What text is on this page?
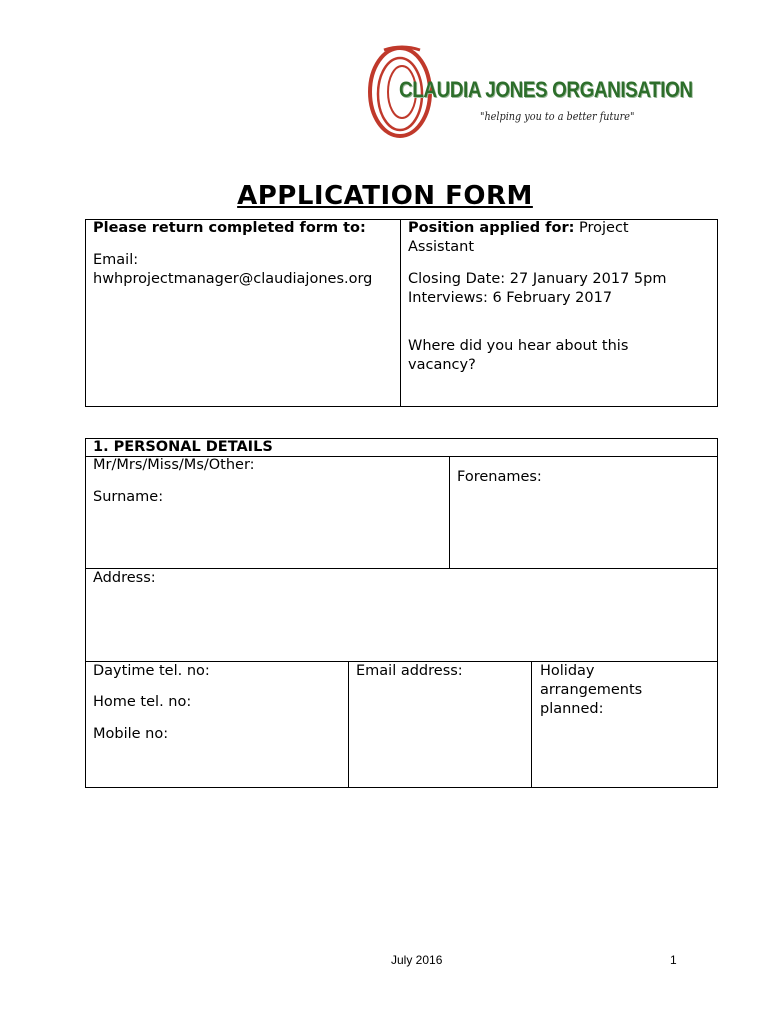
CLAUDIA JONES ORGANISATION
"helping you to a better future"
APPLICATION FORM
Please return completed form to:
Email:
hwhprojectmanager@claudiajones.org
Position applied for: Project
Assistant
Closing Date: 27 January 2017 5pm
Interviews: 6 February 2017
Where did you hear about this
vacancy?
1. PERSONAL DETAILS
Mr/Mrs/Miss/Ms/Other:
Surname:
Forenames:
Address:
Daytime tel. no:
Home tel. no:
Mobile no:
Email address:	Holiday
arrangements
planned:
July 2016	1
